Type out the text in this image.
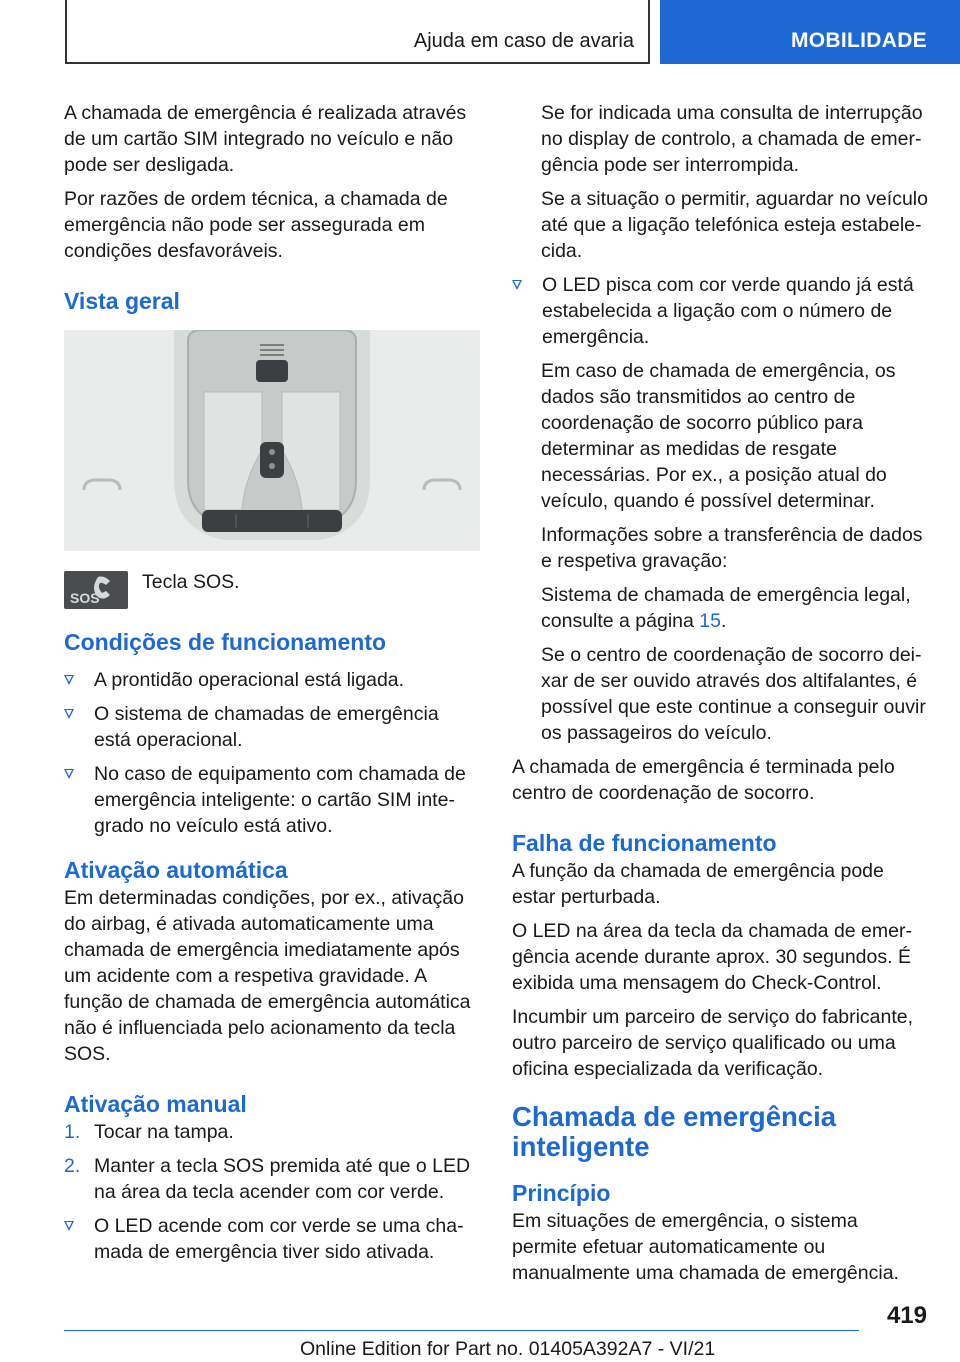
Ajuda em caso de avaria	MOBILIDADE

A chamada de emergência é realizada através de um cartão SIM integrado no veículo e não pode ser desligada.

Por razões de ordem técnica, a chamada de emergência não pode ser assegurada em condições desfavoráveis.

Vista geral
SOS
Tecla SOS.
Condições de funcionamento
A prontidão operacional está ligada.
O sistema de chamadas de emergência está operacional.
No caso de equipamento com chamada de emergência inteligente: o cartão SIM integrado no veículo está ativo.
Ativação automática

Em determinadas condições, por ex., ativação do airbag, é ativada automaticamente uma chamada de emergência imediatamente após um acidente com a respetiva gravidade. A função de chamada de emergência automática não é influenciada pelo acionamento da tecla SOS.

Ativação manual
1. Tocar na tampa.
2. Manter a tecla SOS premida até que o LED na área da tecla acender com cor verde.
O LED acende com cor verde se uma chamada de emergência tiver sido ativada.

Se for indicada uma consulta de interrupção no display de controlo, a chamada de emergência pode ser interrompida.

Se a situação o permitir, aguardar no veículo até que a ligação telefónica esteja estabelecida.

O LED pisca com cor verde quando já está estabelecida a ligação com o número de emergência.

Em caso de chamada de emergência, os dados são transmitidos ao centro de coordenação de socorro público para determinar as medidas de resgate necessárias. Por ex., a posição atual do veículo, quando é possível determinar.

Informações sobre a transferência de dados e respetiva gravação:

Sistema de chamada de emergência legal, consulte a página 15.

Se o centro de coordenação de socorro deixar de ser ouvido através dos altifalantes, é possível que este continue a conseguir ouvir os passageiros do veículo.

A chamada de emergência é terminada pelo centro de coordenação de socorro.

Falha de funcionamento

A função da chamada de emergência pode estar perturbada.

O LED na área da tecla da chamada de emergência acende durante aprox. 30 segundos. É exibida uma mensagem do Check-Control.

Incumbir um parceiro de serviço do fabricante, outro parceiro de serviço qualificado ou uma oficina especializada da verificação.

Chamada de emergência inteligente
Princípio

Em situações de emergência, o sistema permite efetuar automaticamente ou manualmente uma chamada de emergência.

419
Online Edition for Part no. 01405A392A7 - VI/21
